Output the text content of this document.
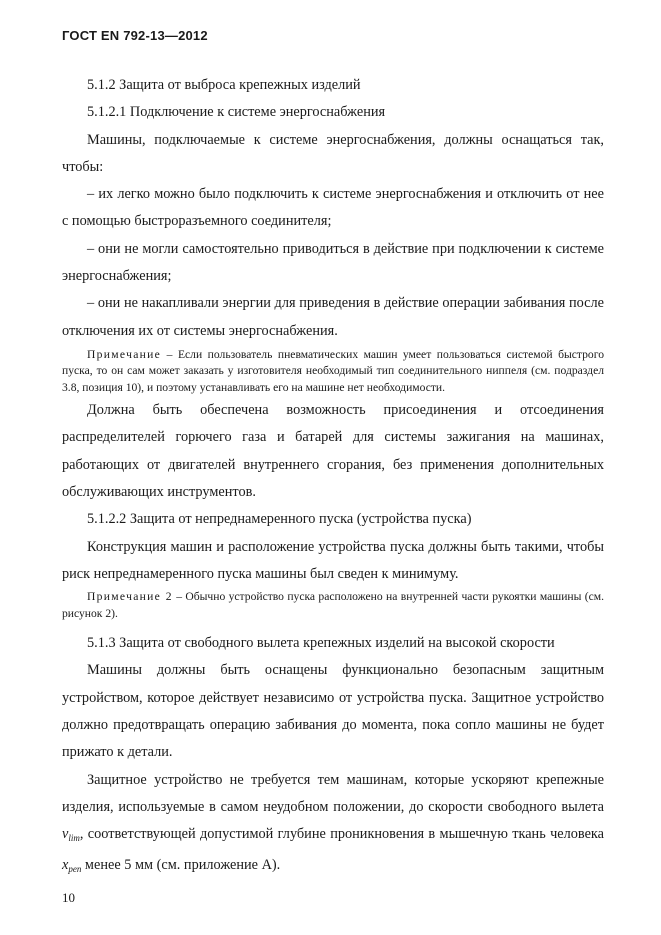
ГОСТ EN 792-13—2012

5.1.2 Защита от выброса крепежных изделий

5.1.2.1 Подключение к системе энергоснабжения

Машины, подключаемые к системе энергоснабжения, должны оснащаться так, чтобы:

– их легко можно было подключить к системе энергоснабжения и отключить от нее с помощью быстроразъемного соединителя;

– они не могли самостоятельно приводиться в действие при подключении к системе энергоснабжения;

– они не накапливали энергии для приведения в действие операции забивания после отключения их от системы энергоснабжения.

Примечание – Если пользователь пневматических машин умеет пользоваться системой быстрого пуска, то он сам может заказать у изготовителя необходимый тип соединительного ниппеля (см. подраздел 3.8, позиция 10), и поэтому устанавливать его на машине нет необходимости.

Должна быть обеспечена возможность присоединения и отсоединения распределителей горючего газа и батарей для системы зажигания на машинах, работающих от двигателей внутреннего сгорания, без применения дополнительных обслуживающих инструментов.

5.1.2.2 Защита от непреднамеренного пуска (устройства пуска)

Конструкция машин и расположение устройства пуска должны быть такими, чтобы риск непреднамеренного пуска машины был сведен к минимуму.

Примечание 2 – Обычно устройство пуска расположено на внутренней части рукоятки машины (см. рисунок 2).

5.1.3 Защита от свободного вылета крепежных изделий на высокой скорости

Машины должны быть оснащены функционально безопасным защитным устройством, которое действует независимо от устройства пуска. Защитное устройство должно предотвращать операцию забивания до момента, пока сопло машины не будет прижато к детали.

Защитное устройство не требуется тем машинам, которые ускоряют крепежные изделия, используемые в самом неудобном положении, до скорости свободного вылета $v_{lim}$, соответствующей допустимой глубине проникновения в мышечную ткань человека $x_{pen}$ менее 5 мм (см. приложение А).

10
